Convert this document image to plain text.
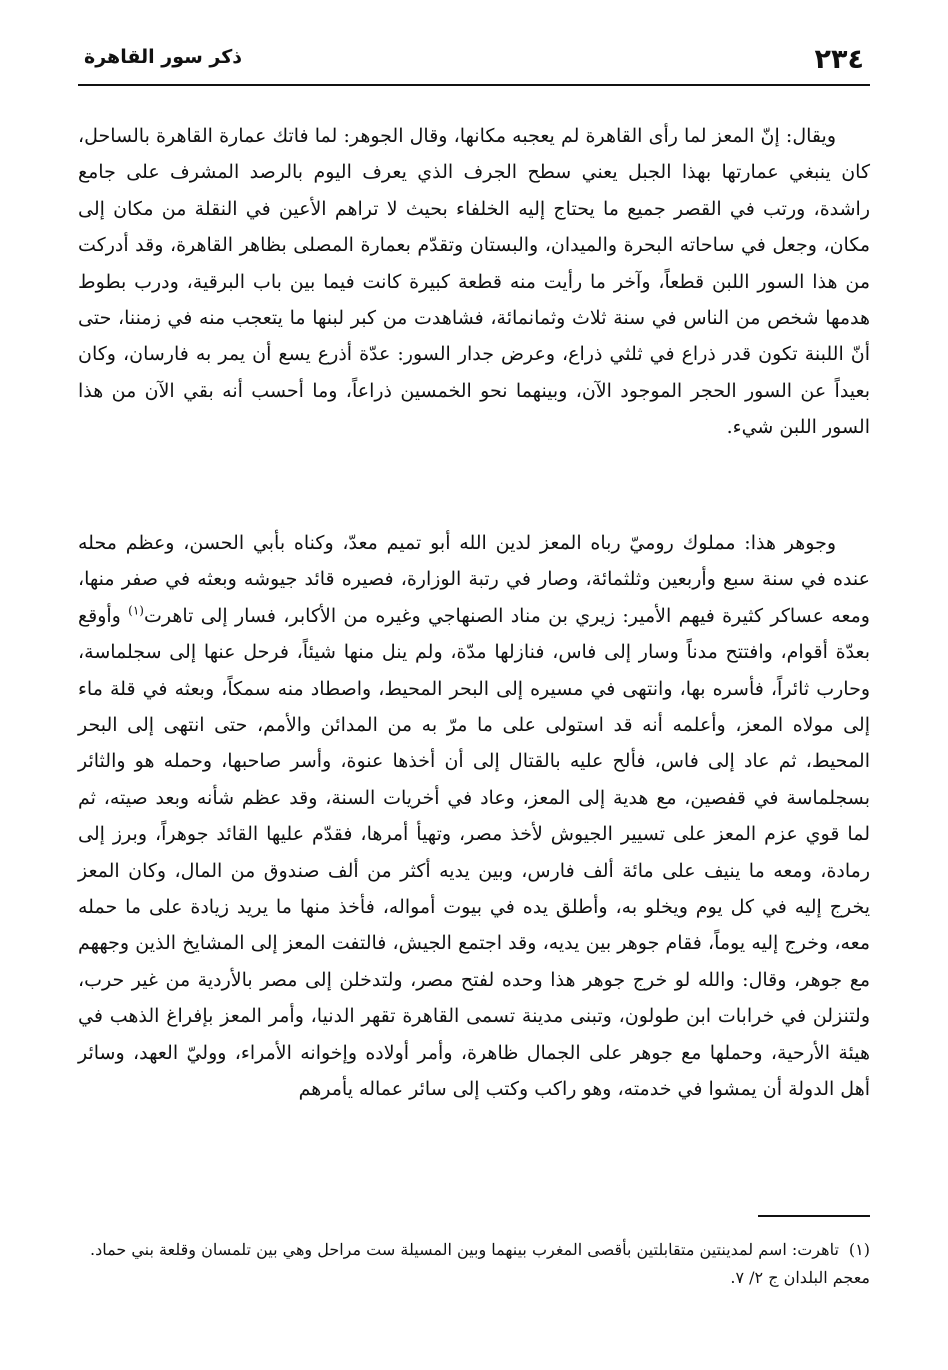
٢٣٤
ذكر سور القاهرة

ويقال: إنّ المعز لما رأى القاهرة لم يعجبه مكانها، وقال الجوهر: لما فاتك عمارة القاهرة بالساحل، كان ينبغي عمارتها بهذا الجبل يعني سطح الجرف الذي يعرف اليوم بالرصد المشرف على جامع راشدة، ورتب في القصر جميع ما يحتاج إليه الخلفاء بحيث لا تراهم الأعين في النقلة من مكان إلى مكان، وجعل في ساحاته البحرة والميدان، والبستان وتقدّم بعمارة المصلى بظاهر القاهرة، وقد أدركت من هذا السور اللبن قطعاً، وآخر ما رأيت منه قطعة كبيرة كانت فيما بين باب البرقية، ودرب بطوط هدمها شخص من الناس في سنة ثلاث وثمانمائة، فشاهدت من كبر لبنها ما يتعجب منه في زمننا، حتى أنّ اللبنة تكون قدر ذراع في ثلثي ذراع، وعرض جدار السور: عدّة أذرع يسع أن يمر به فارسان، وكان بعيداً عن السور الحجر الموجود الآن، وبينهما نحو الخمسين ذراعاً، وما أحسب أنه بقي الآن من هذا السور اللبن شيء.

وجوهر هذا: مملوك روميّ رباه المعز لدين الله أبو تميم معدّ، وكناه بأبي الحسن، وعظم محله عنده في سنة سبع وأربعين وثلثمائة، وصار في رتبة الوزارة، فصيره قائد جيوشه وبعثه في صفر منها، ومعه عساكر كثيرة فيهم الأمير: زيري بن مناد الصنهاجي وغيره من الأكابر، فسار إلى تاهرت$^{(١)}$ وأوقع بعدّة أقوام، وافتتح مدناً وسار إلى فاس، فنازلها مدّة، ولم ينل منها شيئاً، فرحل عنها إلى سجلماسة، وحارب ثائراً، فأسره بها، وانتهى في مسيره إلى البحر المحيط، واصطاد منه سمكاً، وبعثه في قلة ماء إلى مولاه المعز، وأعلمه أنه قد استولى على ما مرّ به من المدائن والأمم، حتى انتهى إلى البحر المحيط، ثم عاد إلى فاس، فألح عليه بالقتال إلى أن أخذها عنوة، وأسر صاحبها، وحمله هو والثائر بسجلماسة في قفصين، مع هدية إلى المعز، وعاد في أخريات السنة، وقد عظم شأنه وبعد صيته، ثم لما قوي عزم المعز على تسيير الجيوش لأخذ مصر، وتهيأ أمرها، فقدّم عليها القائد جوهراً، وبرز إلى رمادة، ومعه ما ينيف على مائة ألف فارس، وبين يديه أكثر من ألف صندوق من المال، وكان المعز يخرج إليه في كل يوم ويخلو به، وأطلق يده في بيوت أمواله، فأخذ منها ما يريد زيادة على ما حمله معه، وخرج إليه يوماً، فقام جوهر بين يديه، وقد اجتمع الجيش، فالتفت المعز إلى المشايخ الذين وجههم مع جوهر، وقال: والله لو خرج جوهر هذا وحده لفتح مصر، ولتدخلن إلى مصر بالأردية من غير حرب، ولتنزلن في خرابات ابن طولون، وتبنى مدينة تسمى القاهرة تقهر الدنيا، وأمر المعز بإفراغ الذهب في هيئة الأرحية، وحملها مع جوهر على الجمال ظاهرة، وأمر أولاده وإخوانه الأمراء، ووليّ العهد، وسائر أهل الدولة أن يمشوا في خدمته، وهو راكب وكتب إلى سائر عماله يأمرهم

(١)تاهرت: اسم لمدينتين متقابلتين بأقصى المغرب بينهما وبين المسيلة ست مراحل وهي بين تلمسان وقلعة بني حماد. معجم البلدان ج ٢/ ٧.
